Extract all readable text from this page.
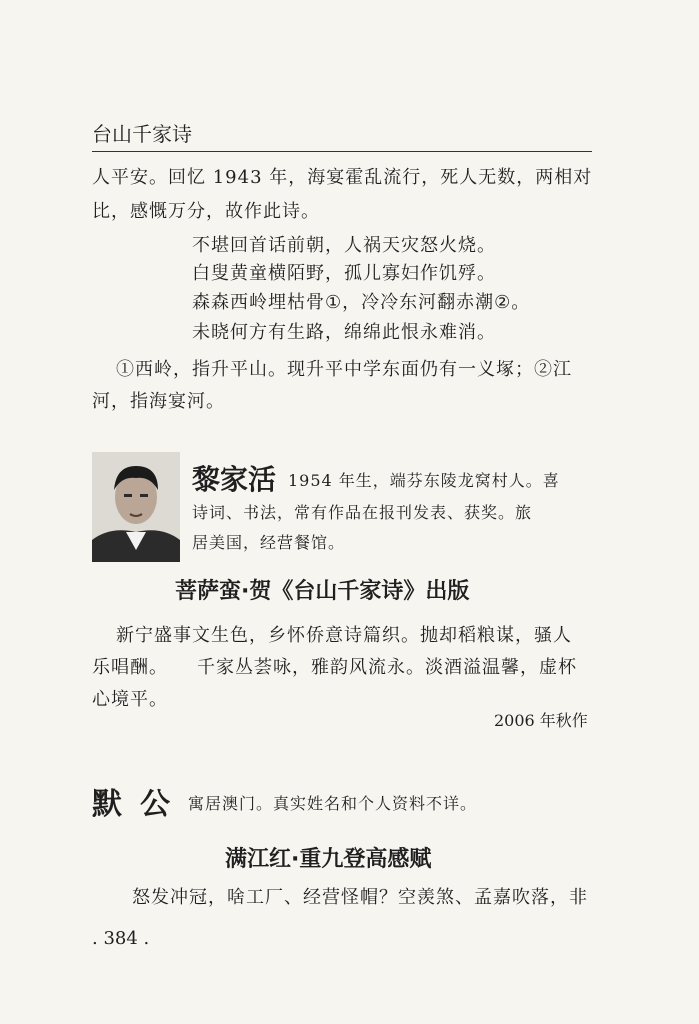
台山千家诗
人平安。回忆 1943 年，海宴霍乱流行，死人无数，两相对
比，感慨万分，故作此诗。
不堪回首话前朝，人祸天灾怒火烧。
白叟黄童横陌野，孤儿寡妇作饥殍。
森森西岭埋枯骨①，冷冷东河翻赤潮②。
未晓何方有生路，绵绵此恨永难消。
①西岭，指升平山。现升平中学东面仍有一义塚；②江
河，指海宴河。
黎家活 1954 年生，端芬东陵龙窝村人。喜
诗词、书法，常有作品在报刊发表、获奖。旅
居美国，经营餐馆。
菩萨蛮·贺《台山千家诗》出版
新宁盛事文生色，乡怀侨意诗篇织。抛却稻粮谋，骚人
乐唱酬。　　千家丛荟咏，雅韵风流永。淡酒溢温馨，虚杯
心境平。
2006 年秋作
默公 寓居澳门。真实姓名和个人资料不详。
满江红·重九登高感赋
怒发冲冠，啥工厂、经营怪帽？空羡煞、孟嘉吹落，非
. 384 .
